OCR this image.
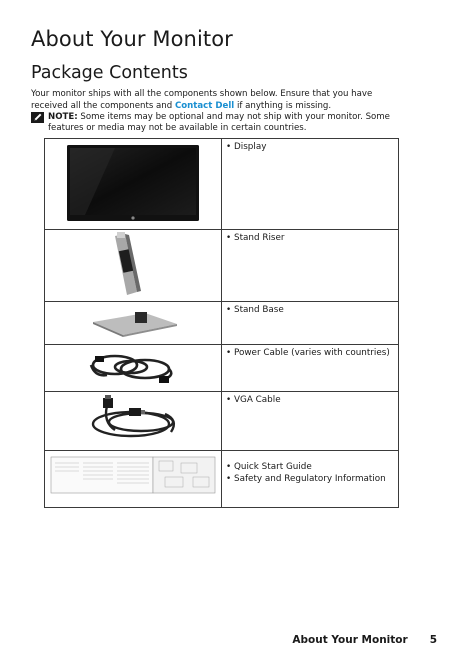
About Your Monitor
Package Contents

Your monitor ships with all the components shown below. Ensure that you have received all the components and Contact Dell if anything is missing.

NOTE: Some items may be optional and may not ship with your monitor. Some features or media may not be available in certain countries.

• Display

• Stand Riser

• Stand Base

• Power Cable (varies with countries)

• VGA Cable

• Quick Start Guide
• Safety and Regulatory Information
About Your Monitor 5
